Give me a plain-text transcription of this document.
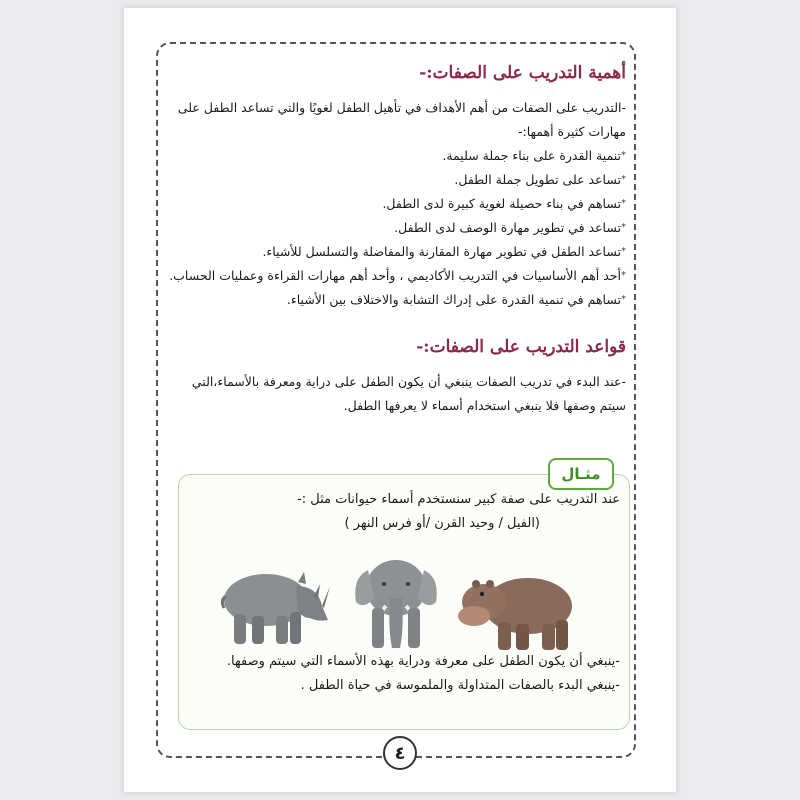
أهمية التدريب على الصفات:-

-التدريب على الصفات من أهم الأهداف في تأهيل الطفل لغويًا والتي تساعد الطفل على مهارات كثيرة أهمها:-

*تنمية القدرة على بناء جملة سليمة.
*تساعد على تطويل جملة الطفل.
*تساهم في بناء حصيلة لغوية كبيرة لدى الطفل.
*تساعد في تطوير مهارة الوصف لدى الطفل.
*تساعد الطفل في تطوير مهارة المقارنة والمفاضلة والتسلسل للأشياء.
*أحد أهم الأساسيات في التدريب الأكاديمي ، وأحد أهم مهارات القراءة وعمليات الحساب.
*تساهم في تنمية القدرة على إدراك التشابة والاختلاف بين الأشياء.
قواعد التدريب على الصفات:-

-عند البدء في تدريب الصفات ينبغي أن يكون الطفل على دراية ومعرفة بالأسماء،التي سيتم وصفها فلا ينبغي استخدام أسماء لا يعرفها الطفل.

مثـال
عند التدريب على صفة كبير سنستخدم أسماء حيوانات مثل :-
(الفيل / وحيد القرن /أو فرس النهر )
-ينبغي أن يكون الطفل على معرفة ودراية بهذه الأسماء التي سيتم وصفها.
-ينبغي البدء بالصفات المتداولة والملموسة في حياة الطفل .
٤
